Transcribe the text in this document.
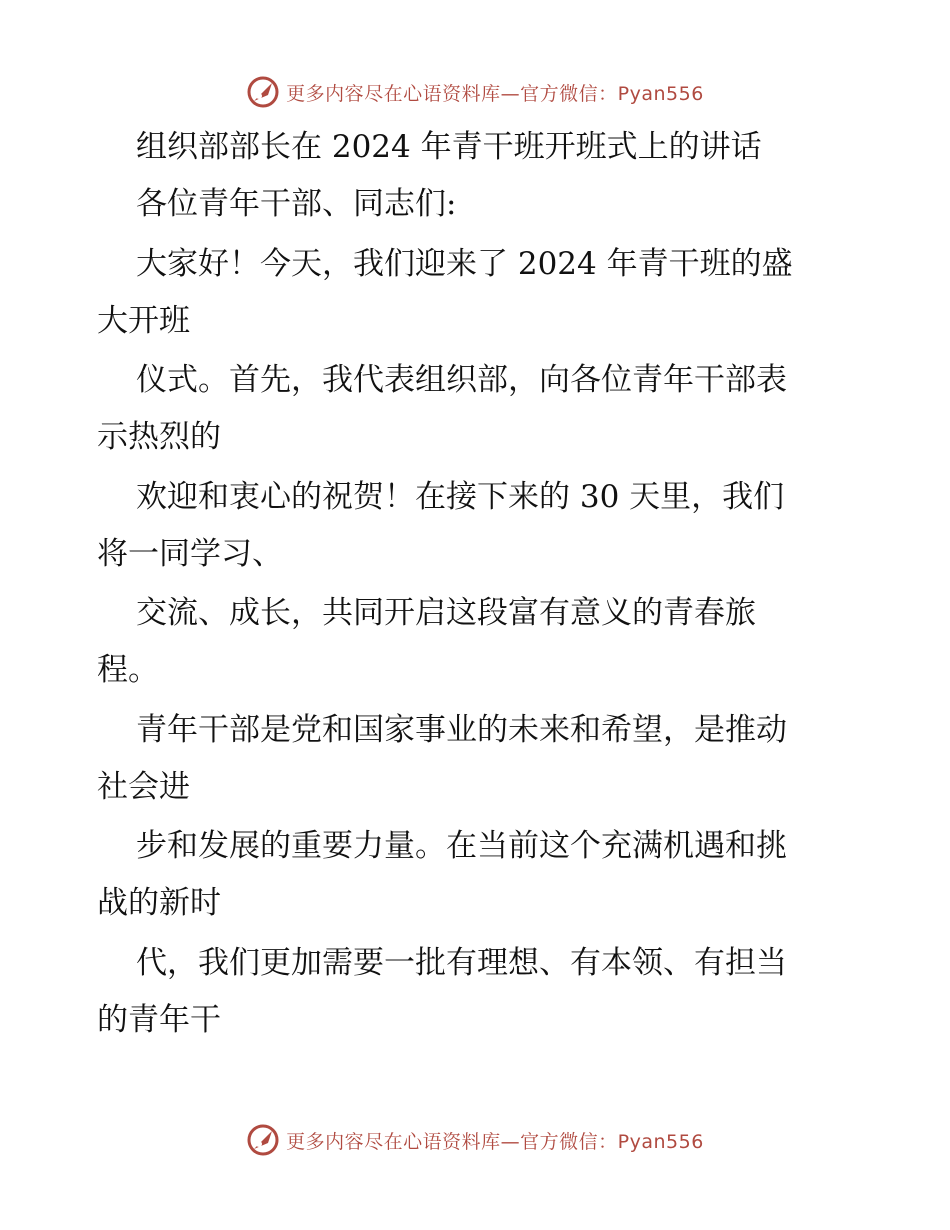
更多内容尽在心语资料库—官方微信：Pyan556
组织部部长在 2024 年青干班开班式上的讲话
各位青年干部、同志们:
大家好！今天，我们迎来了 2024 年青干班的盛
大开班
仪式。首先，我代表组织部，向各位青年干部表
示热烈的
欢迎和衷心的祝贺！在接下来的 30 天里，我们
将一同学习、
交流、成长，共同开启这段富有意义的青春旅
程。
青年干部是党和国家事业的未来和希望，是推动
社会进
步和发展的重要力量。在当前这个充满机遇和挑
战的新时
代，我们更加需要一批有理想、有本领、有担当
的青年干
更多内容尽在心语资料库—官方微信：Pyan556
